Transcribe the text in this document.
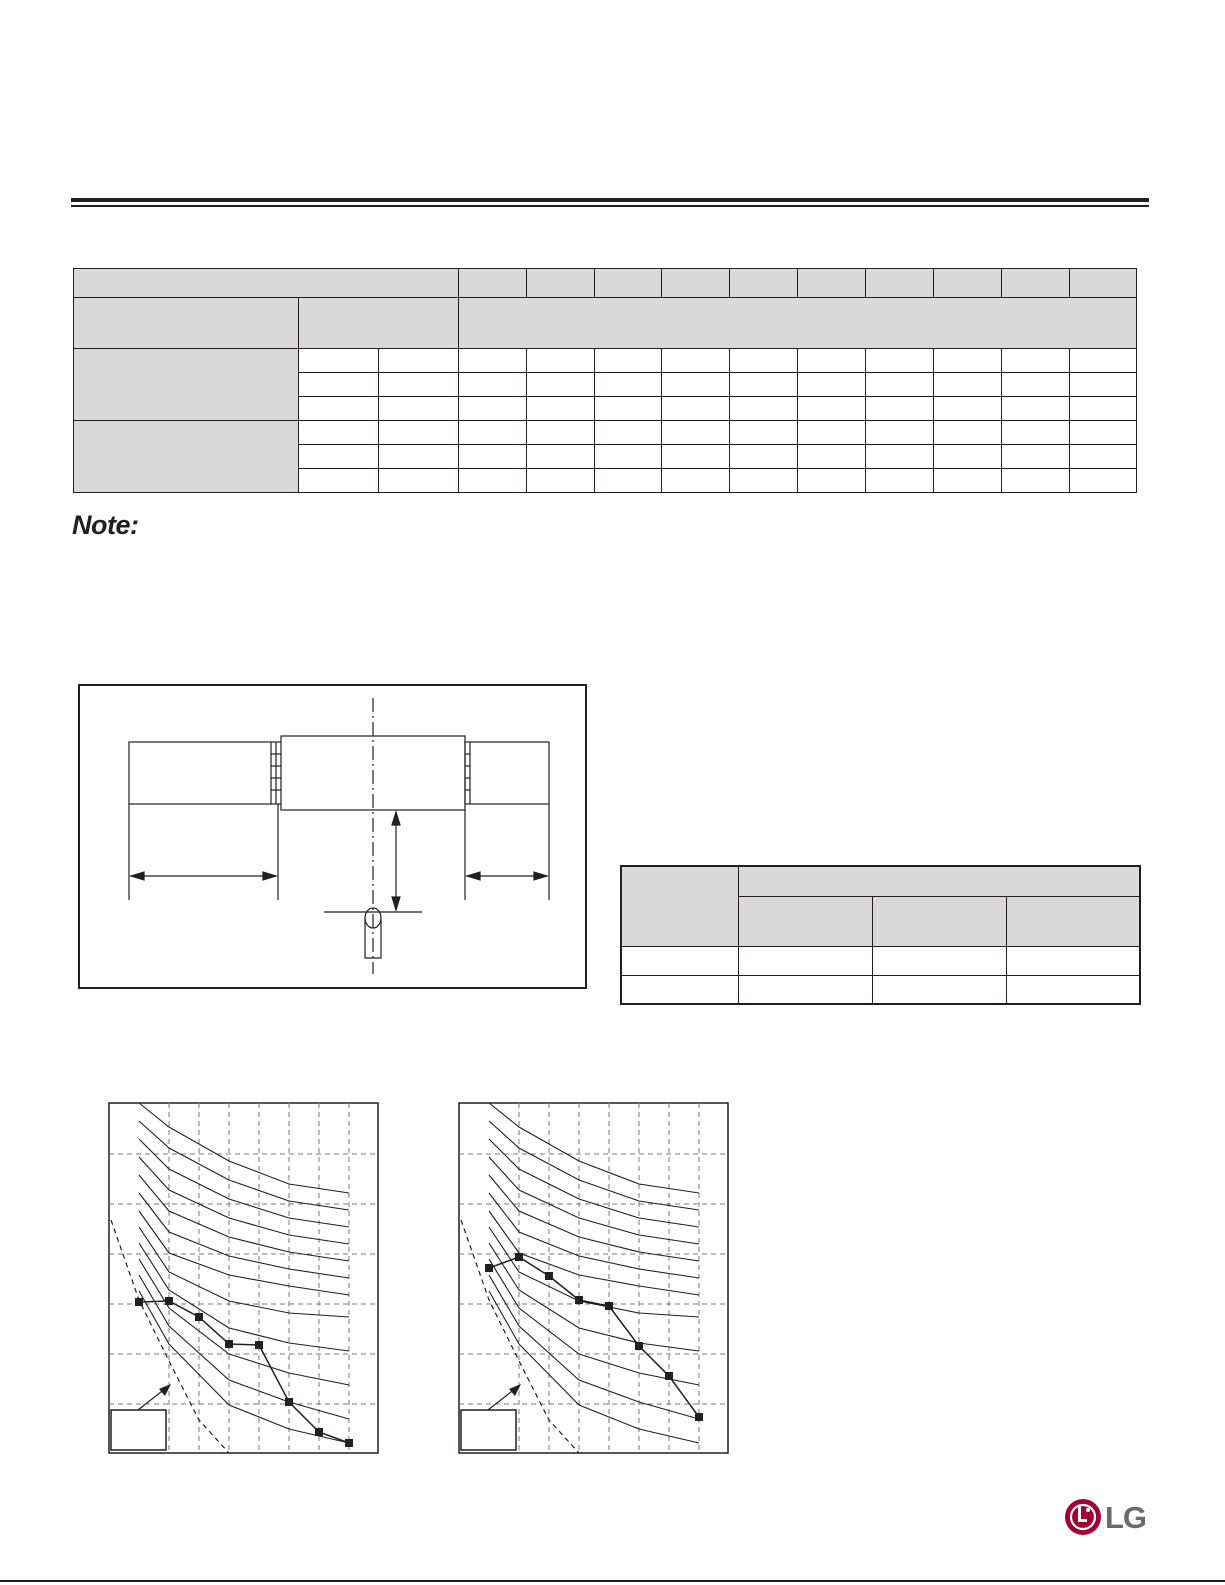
Note:

LG
